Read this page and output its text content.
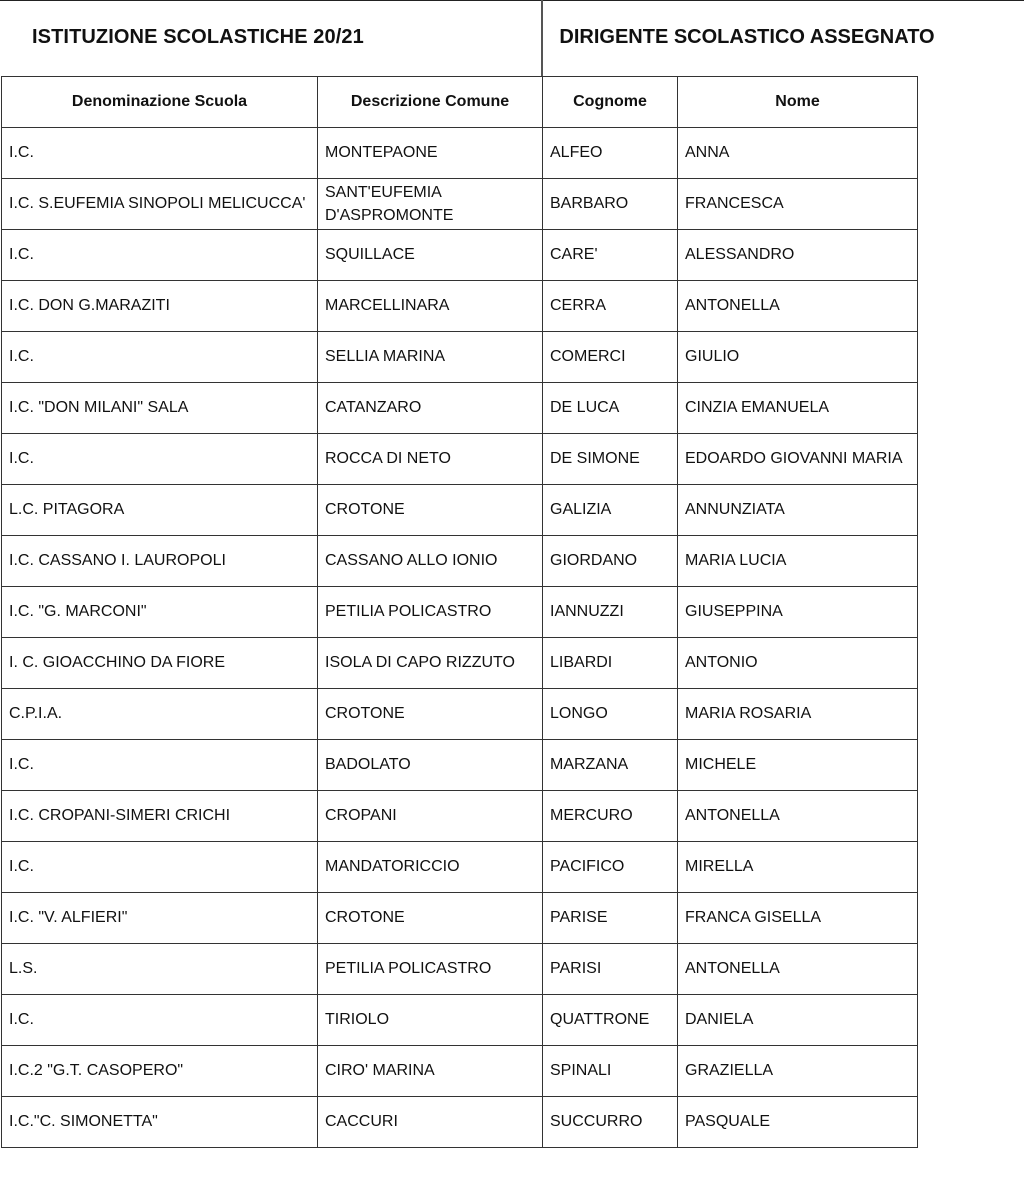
ISTITUZIONE SCOLASTICHE 20/21	DIRIGENTE SCOLASTICO ASSEGNATO
Denominazione Scuola	Descrizione Comune	Cognome	Nome
I.C.	MONTEPAONE	ALFEO	ANNA
I.C. S.EUFEMIA SINOPOLI MELICUCCA'	SANT'EUFEMIA D'ASPROMONTE	BARBARO	FRANCESCA
I.C.	SQUILLACE	CARE'	ALESSANDRO
I.C. DON G.MARAZITI	MARCELLINARA	CERRA	ANTONELLA
I.C.	SELLIA MARINA	COMERCI	GIULIO
I.C. "DON MILANI" SALA	CATANZARO	DE LUCA	CINZIA EMANUELA
I.C.	ROCCA DI NETO	DE SIMONE	EDOARDO GIOVANNI MARIA
L.C. PITAGORA	CROTONE	GALIZIA	ANNUNZIATA
I.C. CASSANO I. LAUROPOLI	CASSANO ALLO IONIO	GIORDANO	MARIA LUCIA
I.C. "G. MARCONI"	PETILIA POLICASTRO	IANNUZZI	GIUSEPPINA
I. C. GIOACCHINO DA FIORE	ISOLA DI CAPO RIZZUTO	LIBARDI	ANTONIO
C.P.I.A.	CROTONE	LONGO	MARIA ROSARIA
I.C.	BADOLATO	MARZANA	MICHELE
I.C. CROPANI-SIMERI CRICHI	CROPANI	MERCURO	ANTONELLA
I.C.	MANDATORICCIO	PACIFICO	MIRELLA
I.C. "V. ALFIERI"	CROTONE	PARISE	FRANCA GISELLA
L.S.	PETILIA POLICASTRO	PARISI	ANTONELLA
I.C.	TIRIOLO	QUATTRONE	DANIELA
I.C.2 "G.T. CASOPERO"	CIRO' MARINA	SPINALI	GRAZIELLA
I.C."C. SIMONETTA"	CACCURI	SUCCURRO	PASQUALE
